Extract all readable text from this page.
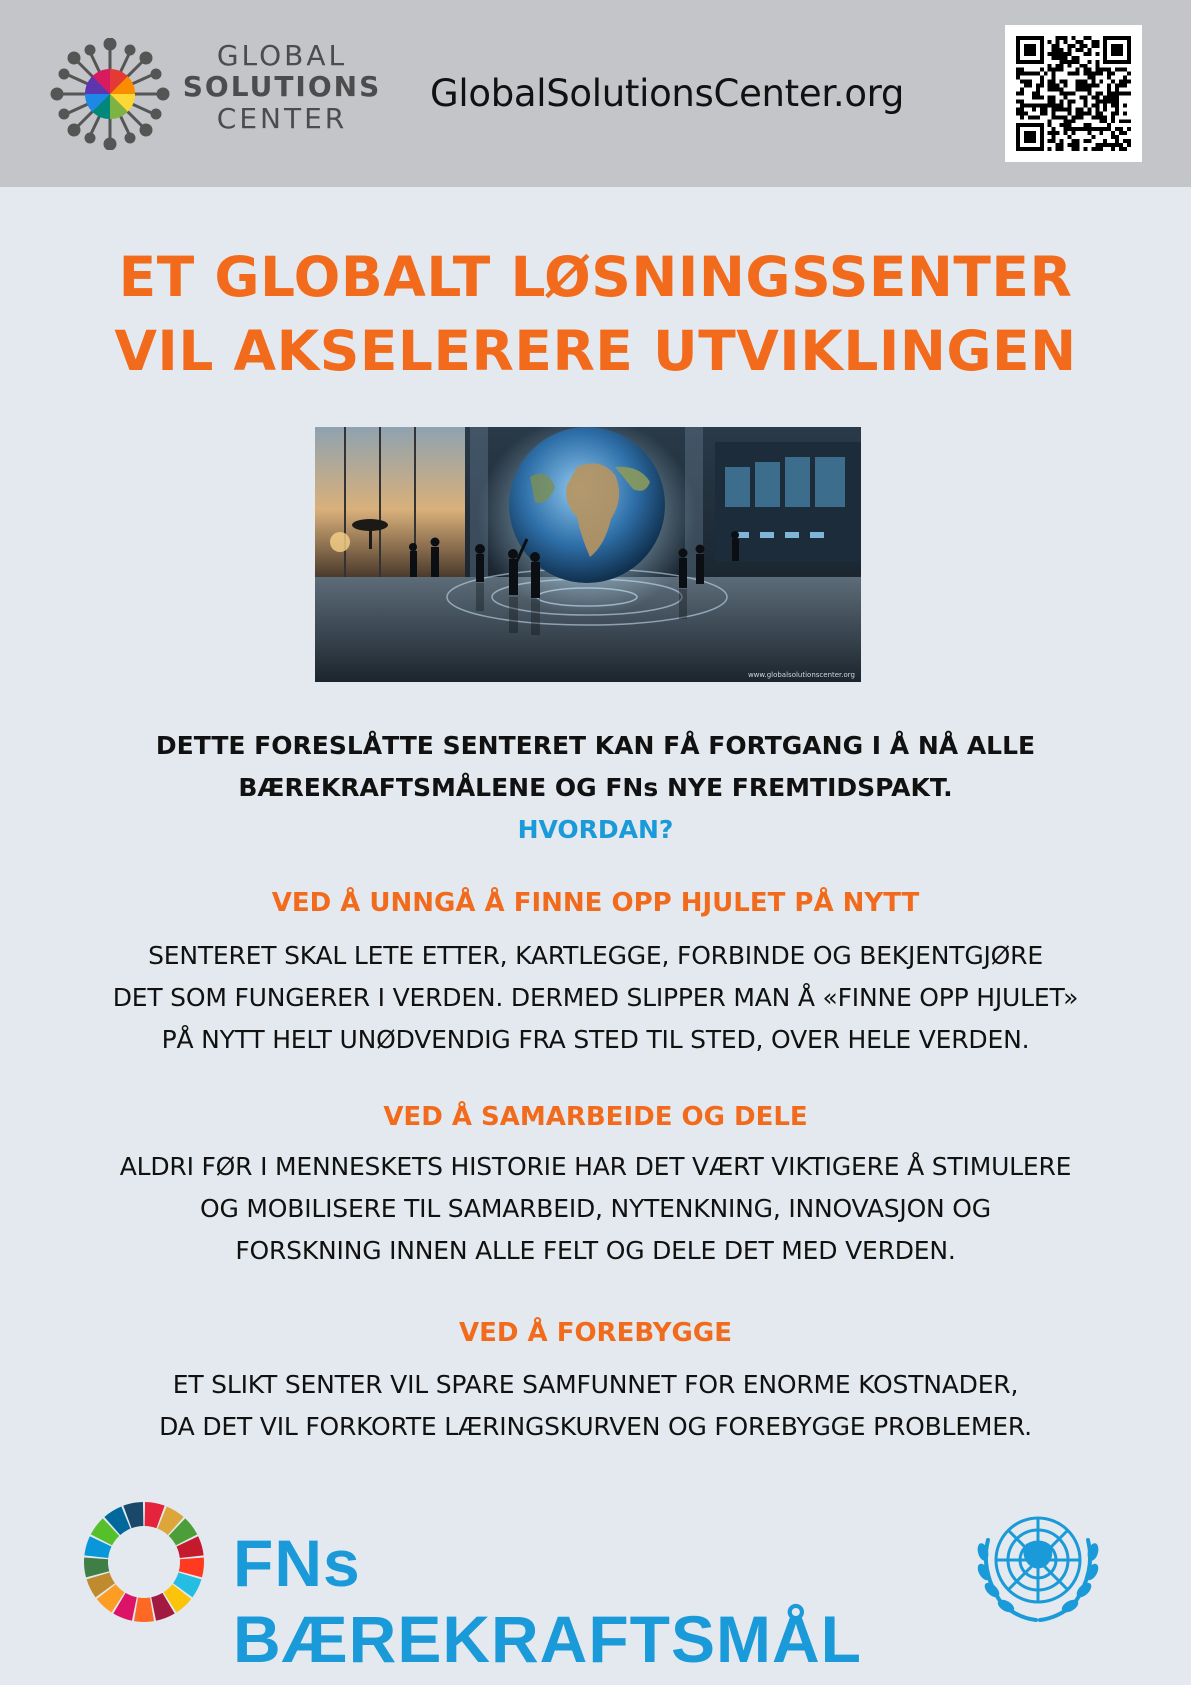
GLOBAL
SOLUTIONS
CENTER
GlobalSolutionsCenter.org
ET GLOBALT LØSNINGSSENTER
VIL AKSELERERE UTVIKLINGEN
www.globalsolutionscenter.org
DETTE FORESLÅTTE SENTERET KAN FÅ FORTGANG I Å NÅ ALLE
BÆREKRAFTSMÅLENE OG FNs NYE FREMTIDSPAKT.
HVORDAN?
VED Å UNNGÅ Å FINNE OPP HJULET PÅ NYTT
SENTERET SKAL LETE ETTER, KARTLEGGE, FORBINDE OG BEKJENTGJØRE
DET SOM FUNGERER I VERDEN. DERMED SLIPPER MAN Å «FINNE OPP HJULET»
PÅ NYTT HELT UNØDVENDIG FRA STED TIL STED, OVER HELE VERDEN.
VED Å SAMARBEIDE OG DELE
ALDRI FØR I MENNESKETS HISTORIE HAR DET VÆRT VIKTIGERE Å STIMULERE
OG MOBILISERE TIL SAMARBEID, NYTENKNING, INNOVASJON OG
FORSKNING INNEN ALLE FELT OG DELE DET MED VERDEN.
VED Å FOREBYGGE
ET SLIKT SENTER VIL SPARE SAMFUNNET FOR ENORME KOSTNADER,
DA DET VIL FORKORTE LÆRINGSKURVEN OG FOREBYGGE PROBLEMER.
FNs BÆREKRAFTSMÅL
